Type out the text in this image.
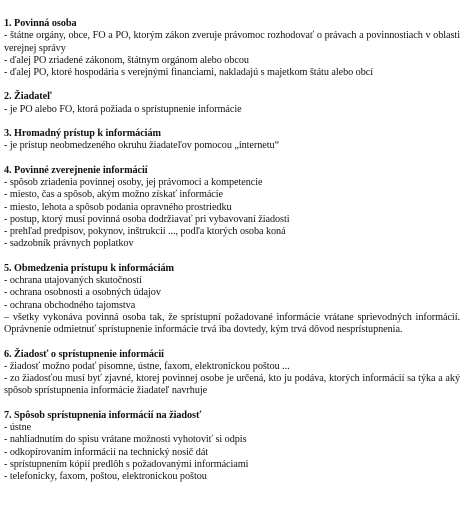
1. Povinná osoba
- štátne orgány, obce, FO a PO, ktorým zákon zveruje právomoc rozhodovať o právach a povinnostiach v oblasti verejnej správy
- ďalej PO zriadené zákonom, štátnym orgánom alebo obcou
- ďalej PO, ktoré hospodária s verejnými financiami, nakladajú s majetkom štátu alebo obcí
2. Žiadateľ
- je PO alebo FO, ktorá požiada o sprístupnenie informácie
3. Hromadný prístup k informáciám
- je prístup neobmedzeného okruhu žiadateľov pomocou „internetu“
4. Povinné zverejnenie informácií
- spôsob zriadenia povinnej osoby, jej právomoci a kompetencie
- miesto, čas a spôsob, akým možno získať informácie
- miesto, lehota a spôsob podania opravného prostriedku
- postup, ktorý musí povinná osoba dodržiavať pri vybavovaní žiadosti
- prehľad predpisov, pokynov, inštrukcií ..., podľa ktorých osoba koná
- sadzobník právnych poplatkov
5. Obmedzenia prístupu k informáciám
- ochrana utajovaných skutočností
- ochrana osobnosti a osobných údajov
- ochrana obchodného tajomstva
– všetky vykonáva povinná osoba tak, že sprístupní požadované informácie vrátane sprievodných informácií. Oprávnenie odmietnuť sprístupnenie informácie trvá iba dovtedy, kým trvá dôvod nesprístupnenia.
6. Žiadosť o sprístupnenie informácií
- žiadosť možno podať písomne, ústne, faxom, elektronickou poštou ...
- zo žiadosťou musí byť zjavné, ktorej povinnej osobe je určená, kto ju podáva, ktorých informácií sa týka a aký spôsob sprístupnenia informácie žiadateľ navrhuje
7. Spôsob sprístupnenia informácií na žiadosť
- ústne
- nahliadnutím do spisu vrátane možnosti vyhotoviť si odpis
- odkopírovaním informácií na technický nosič dát
- sprístupnením kópií predlôh s požadovanými informáciami
- telefonicky, faxom, poštou, elektronickou poštou
